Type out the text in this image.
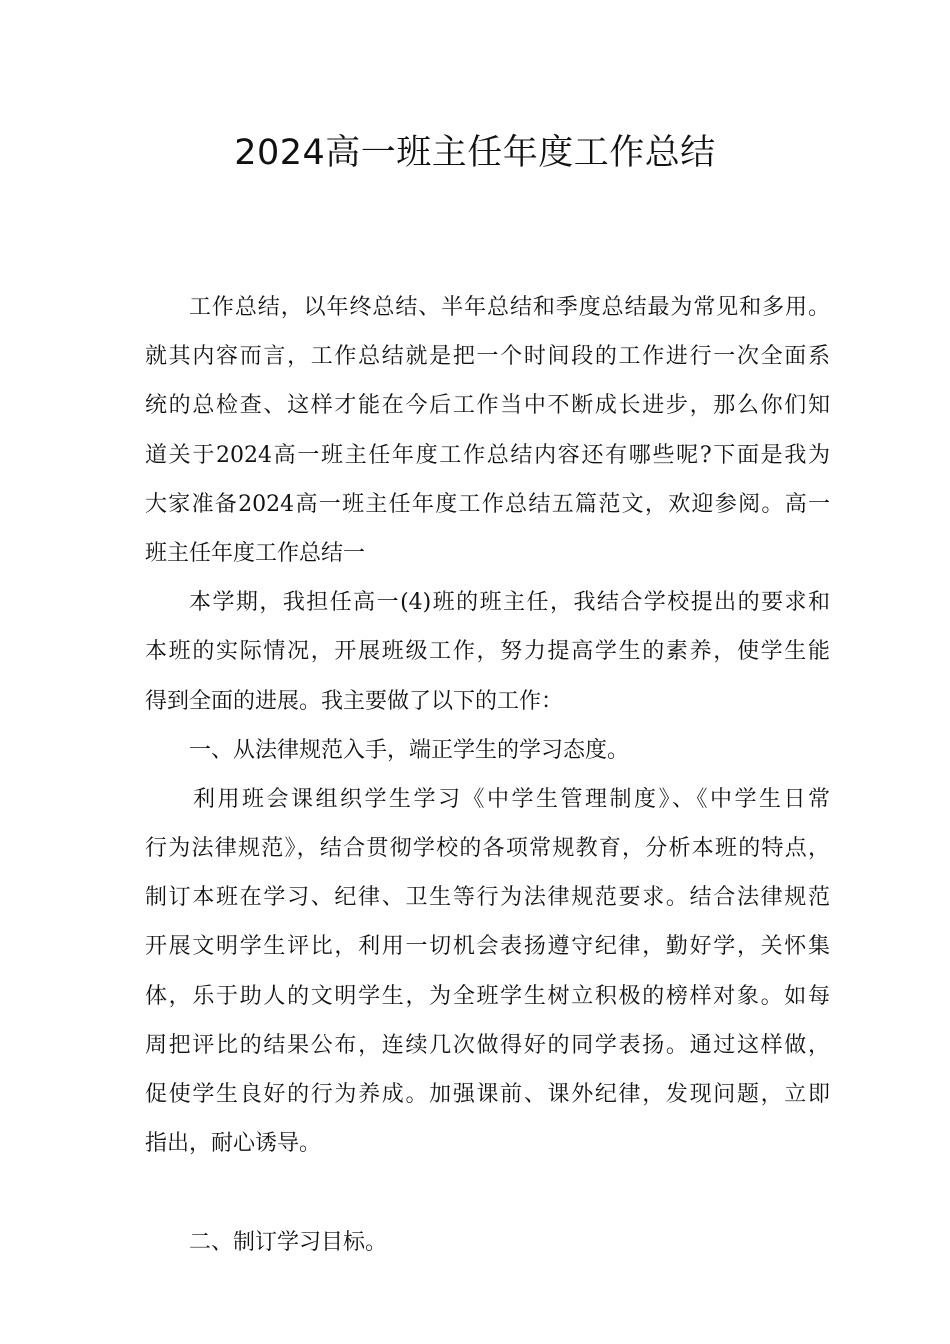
2024高一班主任年度工作总结
工作总结，以年终总结、半年总结和季度总结最为常见和多用。
就其内容而言，工作总结就是把一个时间段的工作进行一次全面系
统的总检查、这样才能在今后工作当中不断成长进步，那么你们知
道关于2024高一班主任年度工作总结内容还有哪些呢?下面是我为
大家准备2024高一班主任年度工作总结五篇范文，欢迎参阅。高一
班主任年度工作总结一
本学期，我担任高一(4)班的班主任，我结合学校提出的要求和
本班的实际情况，开展班级工作，努力提高学生的素养，使学生能
得到全面的进展。我主要做了以下的工作：
一、从法律规范入手，端正学生的学习态度。
利用班会课组织学生学习《中学生管理制度》、《中学生日常
行为法律规范》，结合贯彻学校的各项常规教育，分析本班的特点，
制订本班在学习、纪律、卫生等行为法律规范要求。结合法律规范
开展文明学生评比，利用一切机会表扬遵守纪律，勤好学，关怀集
体，乐于助人的文明学生，为全班学生树立积极的榜样对象。如每
周把评比的结果公布，连续几次做得好的同学表扬。通过这样做，
促使学生良好的行为养成。加强课前、课外纪律，发现问题，立即
指出，耐心诱导。
二、制订学习目标。
